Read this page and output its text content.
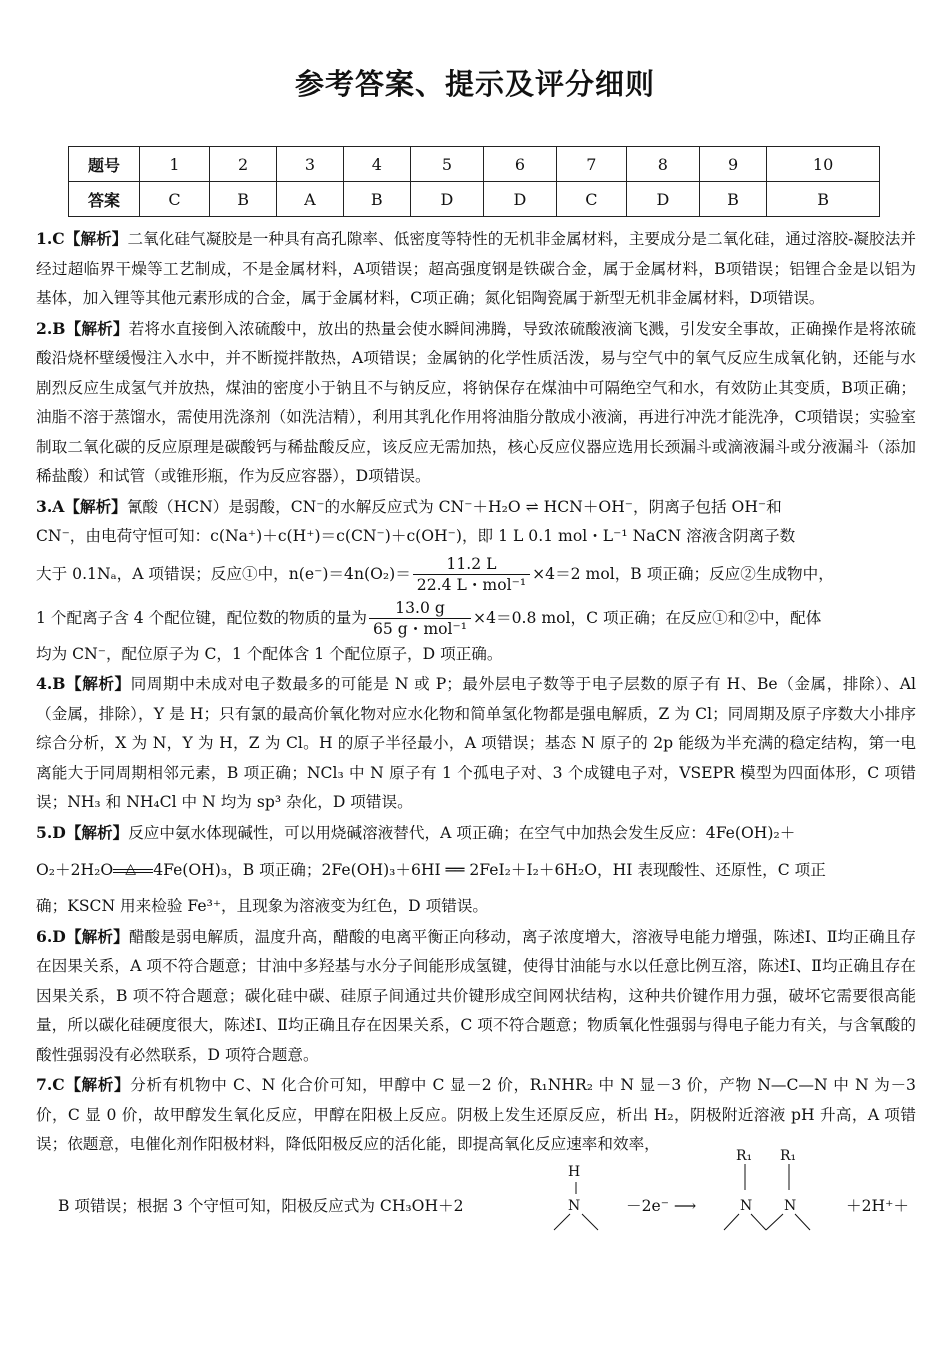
参考答案、提示及评分细则
题号	1	2	3	4	5	6	7	8	9	10
答案	C	B	A	B	D	D	C	D	B	B

1.C【解析】二氧化硅气凝胶是一种具有高孔隙率、低密度等特性的无机非金属材料，主要成分是二氧化硅，通过溶胶-凝胶法并经过超临界干燥等工艺制成，不是金属材料，A项错误；超高强度钢是铁碳合金，属于金属材料，B项错误；铝锂合金是以铝为基体，加入锂等其他元素形成的合金，属于金属材料，C项正确；氮化铝陶瓷属于新型无机非金属材料，D项错误。

2.B【解析】若将水直接倒入浓硫酸中，放出的热量会使水瞬间沸腾，导致浓硫酸液滴飞溅，引发安全事故，正确操作是将浓硫酸沿烧杯壁缓慢注入水中，并不断搅拌散热，A项错误；金属钠的化学性质活泼，易与空气中的氧气反应生成氧化钠，还能与水剧烈反应生成氢气并放热，煤油的密度小于钠且不与钠反应，将钠保存在煤油中可隔绝空气和水，有效防止其变质，B项正确；油脂不溶于蒸馏水，需使用洗涤剂（如洗洁精），利用其乳化作用将油脂分散成小液滴，再进行冲洗才能洗净，C项错误；实验室制取二氧化碳的反应原理是碳酸钙与稀盐酸反应，该反应无需加热，核心反应仪器应选用长颈漏斗或滴液漏斗或分液漏斗（添加稀盐酸）和试管（或锥形瓶，作为反应容器），D项错误。

3.A【解析】氰酸（HCN）是弱酸，CN⁻的水解反应式为 CN⁻＋H₂O ⇌ HCN＋OH⁻，阴离子包括 OH⁻和

CN⁻，由电荷守恒可知：c(Na⁺)＋c(H⁺)＝c(CN⁻)＋c(OH⁻)，即 1 L 0.1 mol・L⁻¹ NaCN 溶液含阴离子数

大于 0.1Nₐ，A 项错误；反应①中，$n(e^-)=4n(O_2)= \frac{11.2 L}{\text{22.4 L・mol⁻¹}} \times 4=2$ mol，B 项正确；反应②生成物中，

1 个配离子含 4 个配位键，配位数的物质的量为 $\frac{13.0 g}{\text{65 g・mol⁻¹}} \times 4=0.8$ mol，C 项正确；在反应①和②中，配体

均为 CN⁻，配位原子为 C，1 个配体含 1 个配位原子，D 项正确。

4.B【解析】同周期中未成对电子数最多的可能是 N 或 P；最外层电子数等于电子层数的原子有 H、Be（金属，排除）、Al（金属，排除），Y 是 H；只有氯的最高价氧化物对应水化物和简单氢化物都是强电解质，Z 为 Cl；同周期及原子序数大小排序综合分析，X 为 N，Y 为 H，Z 为 Cl。H 的原子半径最小，A 项错误；基态 N 原子的 2p 能级为半充满的稳定结构，第一电离能大于同周期相邻元素，B 项正确；NCl₃ 中 N 原子有 1 个孤电子对、3 个成键电子对，VSEPR 模型为四面体形，C 项错误；NH₃ 和 NH₄Cl 中 N 均为 sp³ 杂化，D 项错误。

5.D【解析】反应中氨水体现碱性，可以用烧碱溶液替代，A 项正确；在空气中加热会发生反应：4Fe(OH)₂＋

O₂＋2H₂O △ 4Fe(OH)₃，B 项正确；2Fe(OH)₃＋6HI ══ 2FeI₂＋I₂＋6H₂O，HI 表现酸性、还原性，C 项正

确；KSCN 用来检验 Fe³⁺，且现象为溶液变为红色，D 项错误。

6.D【解析】醋酸是弱电解质，温度升高，醋酸的电离平衡正向移动，离子浓度增大，溶液导电能力增强，陈述Ⅰ、Ⅱ均正确且存在因果关系，A 项不符合题意；甘油中多羟基与水分子间能形成氢键，使得甘油能与水以任意比例互溶，陈述Ⅰ、Ⅱ均正确且存在因果关系，B 项不符合题意；碳化硅中碳、硅原子间通过共价键形成空间网状结构，这种共价键作用力强，破坏它需要很高能量，所以碳化硅硬度很大，陈述Ⅰ、Ⅱ均正确且存在因果关系，C 项不符合题意；物质氧化性强弱与得电子能力有关，与含氧酸的酸性强弱没有必然联系，D 项符合题意。

7.C【解析】分析有机物中 C、N 化合价可知，甲醇中 C 显－2 价，R₁NHR₂ 中 N 显－3 价，产物 N—C—N 中 N 为－3 价，C 显 0 价，故甲醇发生氧化反应，甲醇在阳极上反应。阴极上发生还原反应，析出 H₂，阴极附近溶液 pH 升高，A 项错误；依题意，电催化剂作阳极材料，降低阳极反应的活化能，即提高氧化反应速率和效率，

B 项错误；根据 3 个守恒可知，阳极反应式为 CH₃OH＋2
H
N	－2e⁻ ⟶
R₁ R₁
N N	＋2H⁺＋
